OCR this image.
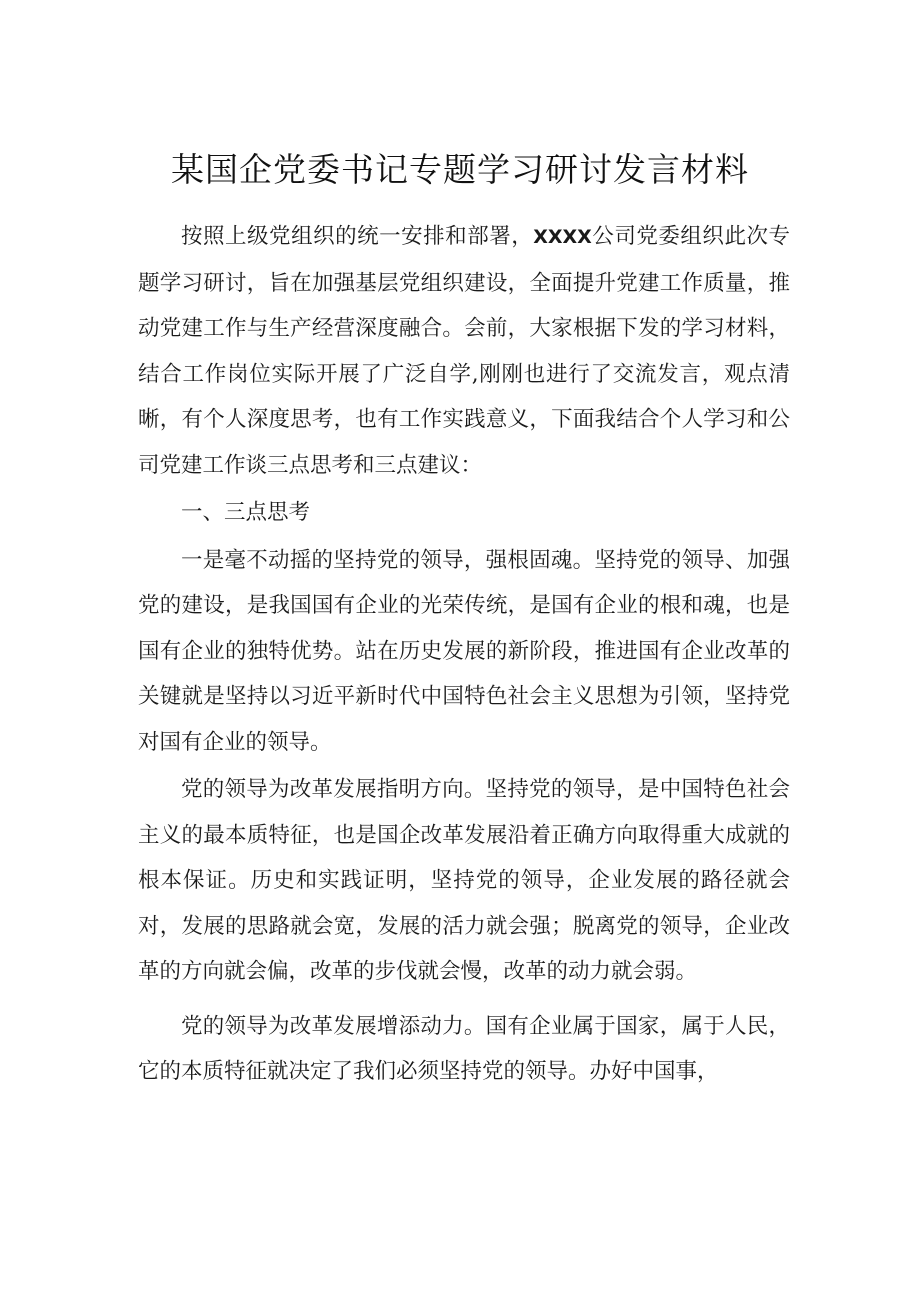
某国企党委书记专题学习研讨发言材料

按照上级党组织的统一安排和部署，XXXX公司党委组织此次专题学习研讨，旨在加强基层党组织建设，全面提升党建工作质量，推动党建工作与生产经营深度融合。会前，大家根据下发的学习材料，结合工作岗位实际开展了广泛自学,刚刚也进行了交流发言，观点清晰，有个人深度思考，也有工作实践意义，下面我结合个人学习和公司党建工作谈三点思考和三点建议：

一、三点思考

一是毫不动摇的坚持党的领导，强根固魂。坚持党的领导、加强党的建设，是我国国有企业的光荣传统，是国有企业的根和魂，也是国有企业的独特优势。站在历史发展的新阶段，推进国有企业改革的关键就是坚持以习近平新时代中国特色社会主义思想为引领，坚持党对国有企业的领导。

党的领导为改革发展指明方向。坚持党的领导，是中国特色社会主义的最本质特征，也是国企改革发展沿着正确方向取得重大成就的根本保证。历史和实践证明，坚持党的领导，企业发展的路径就会对，发展的思路就会宽，发展的活力就会强；脱离党的领导，企业改革的方向就会偏，改革的步伐就会慢，改革的动力就会弱。

党的领导为改革发展增添动力。国有企业属于国家，属于人民，它的本质特征就决定了我们必须坚持党的领导。办好中国事，
